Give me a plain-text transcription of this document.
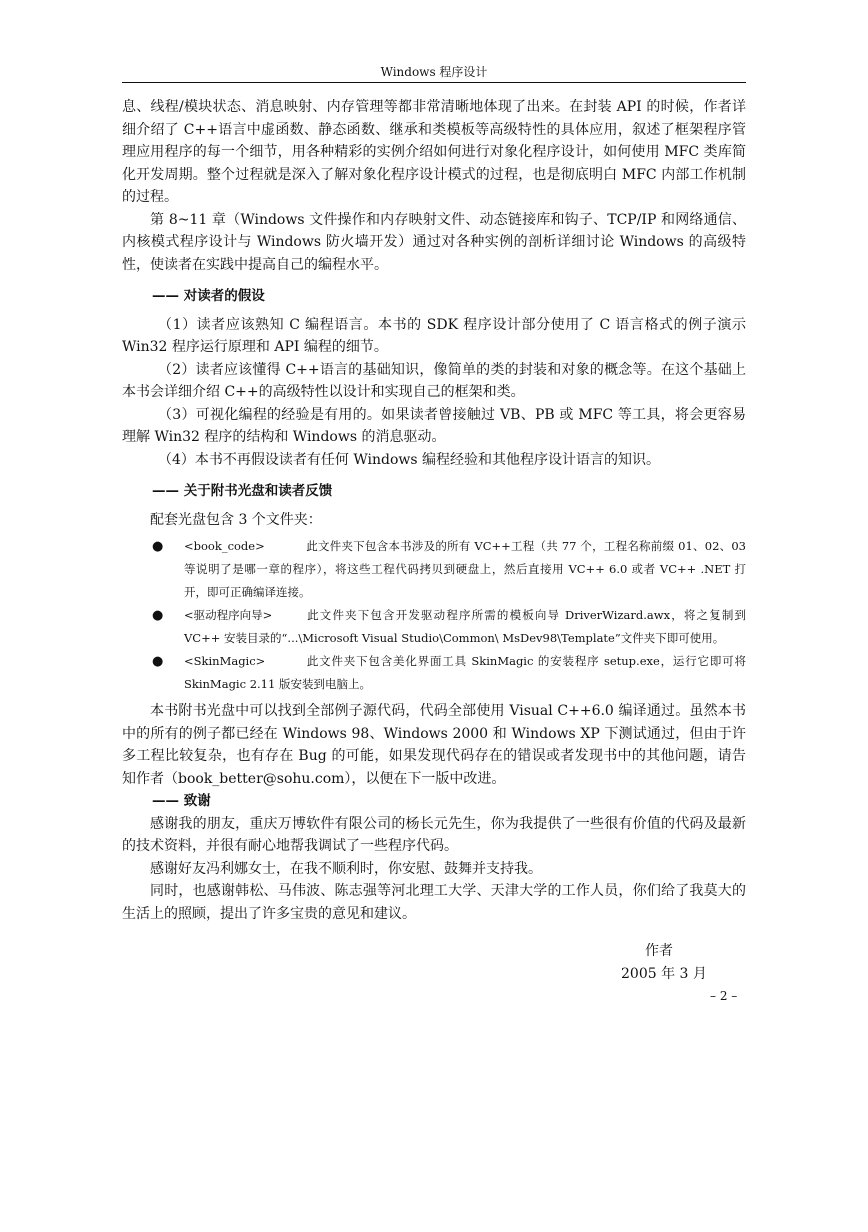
Windows 程序设计

息、线程/模块状态、消息映射、内存管理等都非常清晰地体现了出来。在封装 API 的时候，作者详细介绍了 C++语言中虚函数、静态函数、继承和类模板等高级特性的具体应用，叙述了框架程序管理应用程序的每一个细节，用各种精彩的实例介绍如何进行对象化程序设计，如何使用 MFC 类库简化开发周期。整个过程就是深入了解对象化程序设计模式的过程，也是彻底明白 MFC 内部工作机制的过程。

第 8~11 章（Windows 文件操作和内存映射文件、动态链接库和钩子、TCP/IP 和网络通信、内核模式程序设计与 Windows 防火墙开发）通过对各种实例的剖析详细讨论 Windows 的高级特性，使读者在实践中提高自己的编程水平。

—— 对读者的假设

（1）读者应该熟知 C 编程语言。本书的 SDK 程序设计部分使用了 C 语言格式的例子演示 Win32 程序运行原理和 API 编程的细节。

（2）读者应该懂得 C++语言的基础知识，像简单的类的封装和对象的概念等。在这个基础上本书会详细介绍 C++的高级特性以设计和实现自己的框架和类。

（3）可视化编程的经验是有用的。如果读者曾接触过 VB、PB 或 MFC 等工具，将会更容易理解 Win32 程序的结构和 Windows 的消息驱动。

（4）本书不再假设读者有任何 Windows 编程经验和其他程序设计语言的知识。

—— 关于附书光盘和读者反馈

配套光盘包含 3 个文件夹：

● <book_code>	此文件夹下包含本书涉及的所有 VC++工程（共 77 个，工程名称前缀 01、02、03 等说明了是哪一章的程序），将这些工程代码拷贝到硬盘上，然后直接用 VC++ 6.0 或者 VC++ .NET 打开，即可正确编译连接。
● <驱动程序向导>	此文件夹下包含开发驱动程序所需的模板向导 DriverWizard.awx，将之复制到 VC++ 安装目录的“...\Microsoft Visual Studio\Common\ MsDev98\Template”文件夹下即可使用。
● <SkinMagic>	此文件夹下包含美化界面工具 SkinMagic 的安装程序 setup.exe，运行它即可将 SkinMagic 2.11 版安装到电脑上。

本书附书光盘中可以找到全部例子源代码，代码全部使用 Visual C++6.0 编译通过。虽然本书中的所有的例子都已经在 Windows 98、Windows 2000 和 Windows XP 下测试通过，但由于许多工程比较复杂，也有存在 Bug 的可能，如果发现代码存在的错误或者发现书中的其他问题，请告知作者（book_better@sohu.com），以便在下一版中改进。

—— 致谢

感谢我的朋友，重庆万博软件有限公司的杨长元先生，你为我提供了一些很有价值的代码及最新的技术资料，并很有耐心地帮我调试了一些程序代码。

感谢好友冯利娜女士，在我不顺利时，你安慰、鼓舞并支持我。

同时，也感谢韩松、马伟波、陈志强等河北理工大学、天津大学的工作人员，你们给了我莫大的生活上的照顾，提出了许多宝贵的意见和建议。

作者
2005 年 3 月
– 2 –
